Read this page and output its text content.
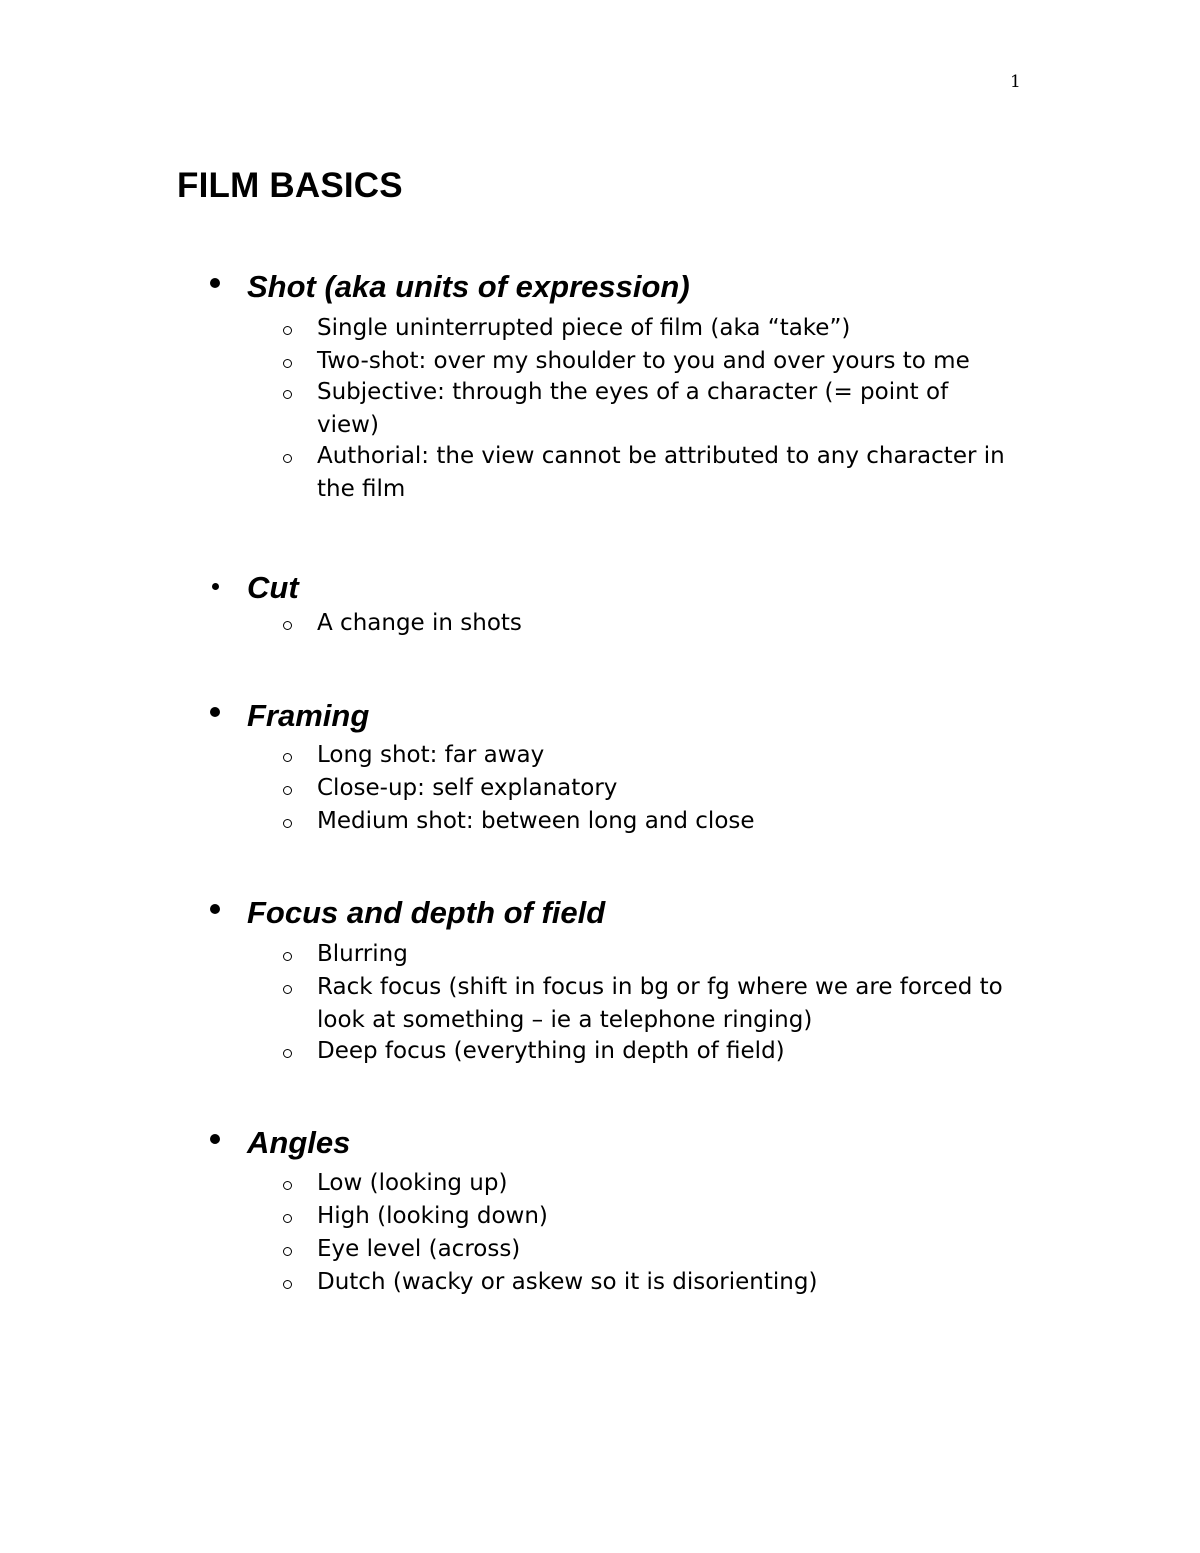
1
FILM BASICS
Shot (aka units of expression)
Single uninterrupted piece of film (aka “take”)
Two-shot: over my shoulder to you and over yours to me
Subjective: through the eyes of a character (= point of view)
Authorial: the view cannot be attributed to any character in the film
Cut
A change in shots
Framing
Long shot: far away
Close-up: self explanatory
Medium shot: between long and close
Focus and depth of field
Blurring
Rack focus (shift in focus in bg or fg where we are forced to look at something – ie a telephone ringing)
Deep focus (everything in depth of field)
Angles
Low (looking up)
High (looking down)
Eye level (across)
Dutch (wacky or askew so it is disorienting)
